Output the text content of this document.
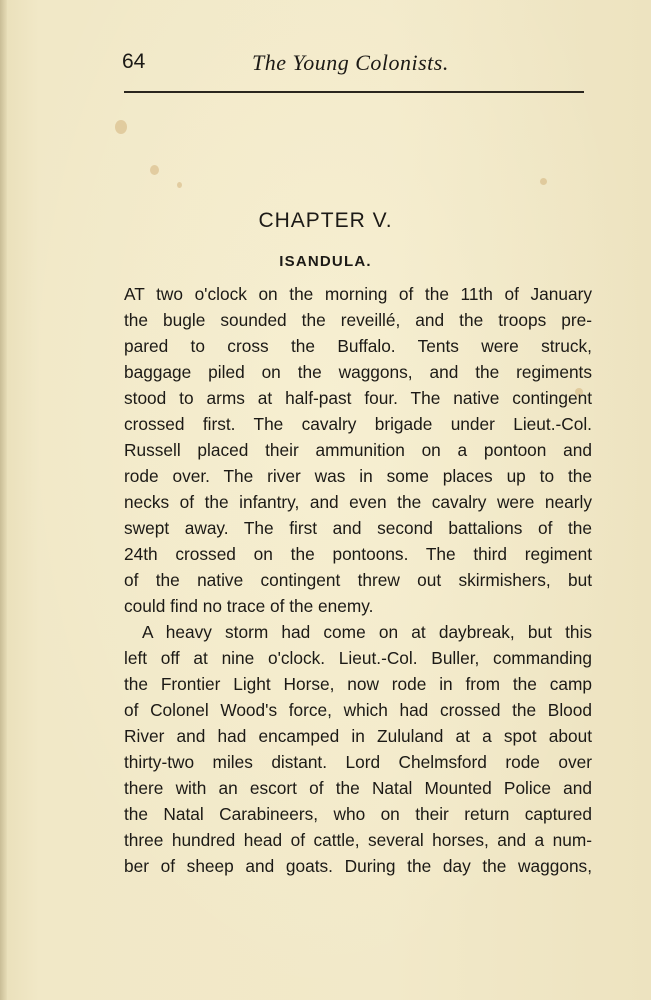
64	The Young Colonists.
CHAPTER V.
ISANDULA.
AT two o'clock on the morning of the 11th of January
the bugle sounded the reveillé, and the troops pre-
pared to cross the Buffalo. Tents were struck,
baggage piled on the waggons, and the regiments
stood to arms at half-past four. The native contingent
crossed first. The cavalry brigade under Lieut.-Col.
Russell placed their ammunition on a pontoon and
rode over. The river was in some places up to the
necks of the infantry, and even the cavalry were nearly
swept away. The first and second battalions of the
24th crossed on the pontoons. The third regiment
of the native contingent threw out skirmishers, but
could find no trace of the enemy.
A heavy storm had come on at daybreak, but this
left off at nine o'clock. Lieut.-Col. Buller, commanding
the Frontier Light Horse, now rode in from the camp
of Colonel Wood's force, which had crossed the Blood
River and had encamped in Zululand at a spot about
thirty-two miles distant. Lord Chelmsford rode over
there with an escort of the Natal Mounted Police and
the Natal Carabineers, who on their return captured
three hundred head of cattle, several horses, and a num-
ber of sheep and goats. During the day the waggons,
